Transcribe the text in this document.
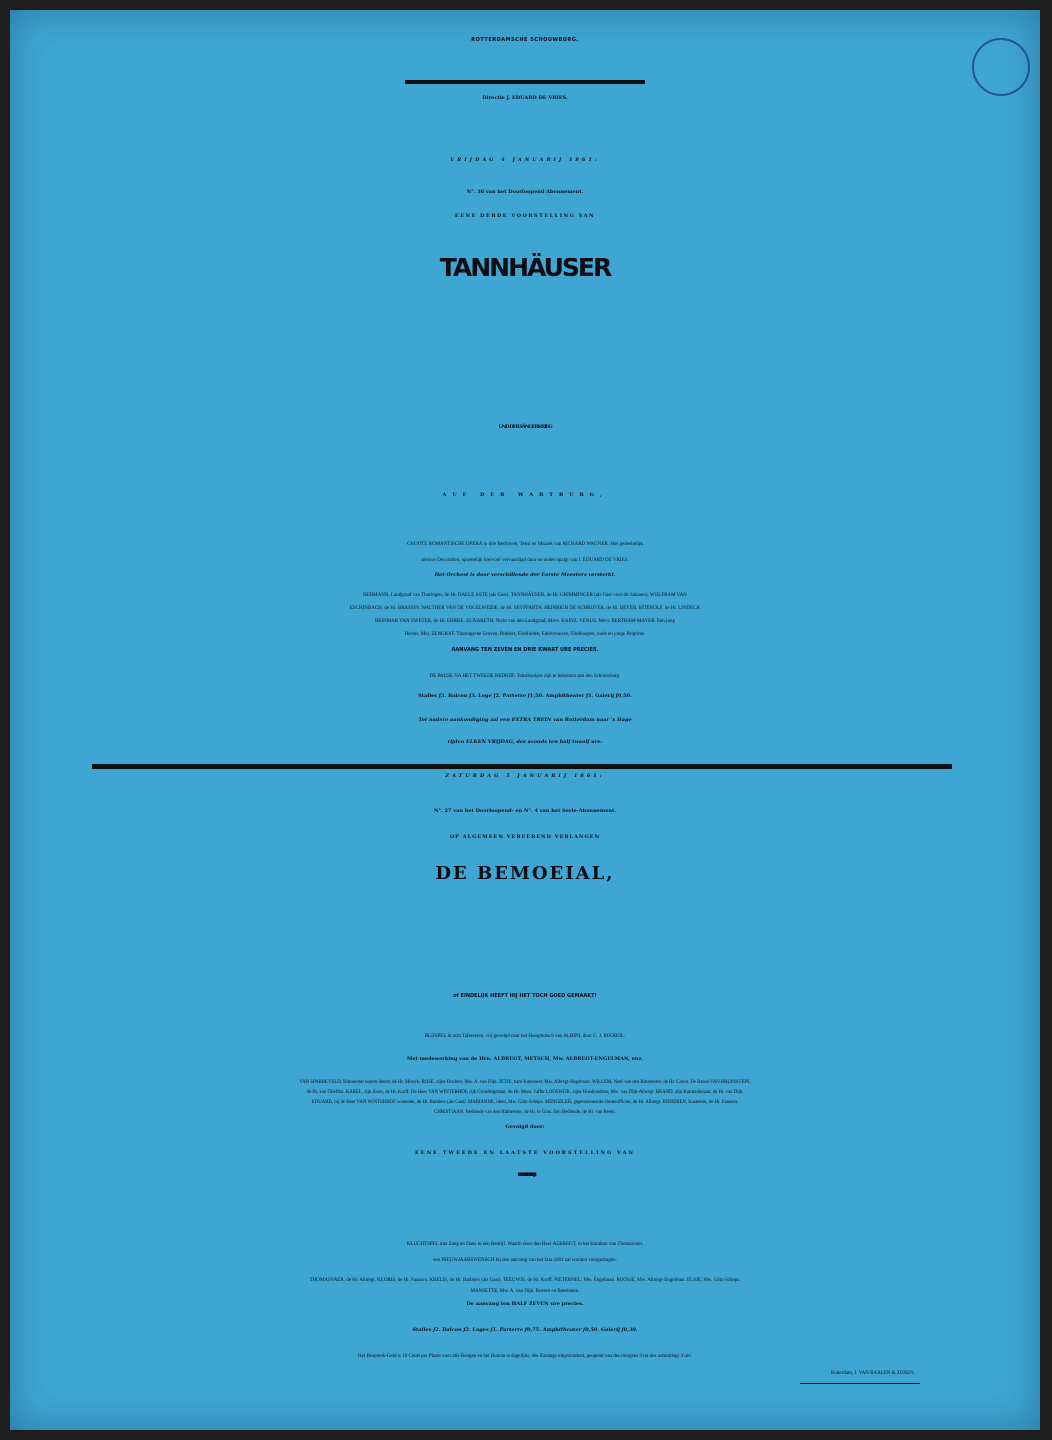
ROTTERDAMSCHE SCHOUWBURG.
Directie J. EDUARD DE VRIES.
VRIJDAG 4 JANUARIJ 1861:
N°. 36 van het Doorloopend Abonnement.
EENE DERDE VOORSTELLING VAN
TANNHÄUSER
UND DER SÄNGERKRIEG
AUF DER WARTBURG,
GROOTE ROMANTISCHE OPERA in drie Bedrijven, Tekst en Muziek van RICHARD WAGNER. Met gedeeltelijk
nieuwe Decoratien, opzettelijk hiervoor vervaardigd door en onder opzigt van J. EDUARD DE VRIES.
Het Orchest is door verschillende der Eerste Meesters versterkt.
HERMANN, Landgraaf van Thuringen, de Hr. DALLE ASTE (als Gast). TANNHÄUSER, de Hr. GRIMMINGER (als Gast voor dit Saizoen). WOLFRAM VAN
ESCHINBACH, de Hr. BRASSIN. WALTHER VAN DE VOGELWEIDE, de Hr. SEYFFARTH. HEINRICH DE SCHRIJVER, de Hr. BEYER. BITEROLF, de Hr. LINDECK
REINMAR VAN ZWETER, de Hr. EHRKE. ELISABETH, Nicht van den Landgraaf, Mevr. KAINZ. VENUS, Mevr. BERTRAM-MAYER. Een jong
Herder, Mej. ZENGRAF. Thuringsche Graven, Ridders, Edellieden, Edelvrouwen, Edelknapen, oude en jonge Pelgrims.
AANVANG TEN ZEVEN EN DRIE KWART URE PRECIES.
DE PAUSE NA HET TWEEDE BEDRIJF. Tekstboekjes zijn te bekomen aan den Schouwburg.
Stalles ƒ3. Balcon ƒ3. Loge ƒ2. Parterre ƒ1,50. Amphitheater ƒ1. Galerij ƒ0,50.
Tot nadere aankondiging zal een EXTRA TREIN van Rotterdam naar 's Hage
rijden ELKEN VRIJDAG, des avonds ten half twaalf ure.
ZATURDAG 5 JANUARIJ 1861:
N°. 27 van het Doorloopend- en N°. 4 van het Serie-Abonnement.
OP ALGEMEEN VEREEREND VERLANGEN
DE BEMOEIAL,
of EINDELIJK HEEFT HIJ HET TOCH GOED GEMAAKT!
BLIJSPEL in acht Tafereelen, vrij gevolgd naar het Hoogduitsch van ALBINI, door C. J. ROOBOL.
Met medewerking van de Hrn. ALBREGT, METSCH, Mw. ALBREGT-ENGELMAN, enz.
VAN SPARREVELD, Ritmeester buiten dienst, de Hr. Metsch. ROSE, zijne Dochter, Mw. A. van Dijk. JETJE, hare Kamenier, Mw. Albregt-Engelman. WILLEM, Neef van den Ritmeester, de Hr. Caron. De Baron VAN BRUINSTEIN,
de Hr. van Olleffen. KAREL, zijn Zoon, de Hr. Korff. De Heer VAN WINTERHOF, rijk Grondeigenaar, de Hr. Moor. Juffer LOOSWIJK, zijne Huishoudster, Mw. van Dijk-Albregt. BRAND, zijn Kamerdienaar, de Hr. van Dijk.
EDUARD, bij de Heer VAN WINTERHOF wonende, de Hr. Barbiers (als Gast). MARIANNE, idem, Mw. Götz-Scheps. MENGELER, gepensioneerde Onderofficier, de Hr. Albregt. BIEBEREN, Kastelein, de Hr. Faassen.
CHRISTIAAN, Bediende van den Ritmeester, de Hr. le Gras. Een Bediende, de Hr. van Beem.
Gevolgd door:
EENE TWEEDE EN LAATSTE VOORSTELLING VAN
DE BRUILOFT VAN KLORIS EN ROOSJE,
KLUCHTSPEL met Zang en Dans in één Bedrijf. Waarin door den Heer ALBREGT, in het Karakter van Thomasvaer,
een NIEUWJAARSWENSCH bij den aanvang van het Jaar 1861 zal worden voorgedragen.
THOMASVAER, de Hr. Albregt. KLORIS, de Hr. Faassen. KRELIS, de Hr. Barbiers (als Gast). TEEUWIS, de Hr. Korff. PIETERNEL, Mw. Engelman. ROOSJE, Mw. Albregt-Engelman. ELSJE, Mw. Götz-Scheps.
MANSETTE, Mw. A. van Dijk. Boeren en Boerinnen.
De aanvang ten HALF ZEVEN ure precies.
Stalles ƒ2. Balcon ƒ2. Loges ƒ1. Parterre ƒ0,75. Amphitheater ƒ0,50. Galerij ƒ0,30.
Het Bespreek-Geld is 10 Cents per Plaats voor alle Rangen en het Bureau is dagelijks, des Zondags uitgezonderd, geopend van des morgens 9 tot des namiddags 3 ure.
Rotterdam, J. VAN BAALEN & ZONEN.
